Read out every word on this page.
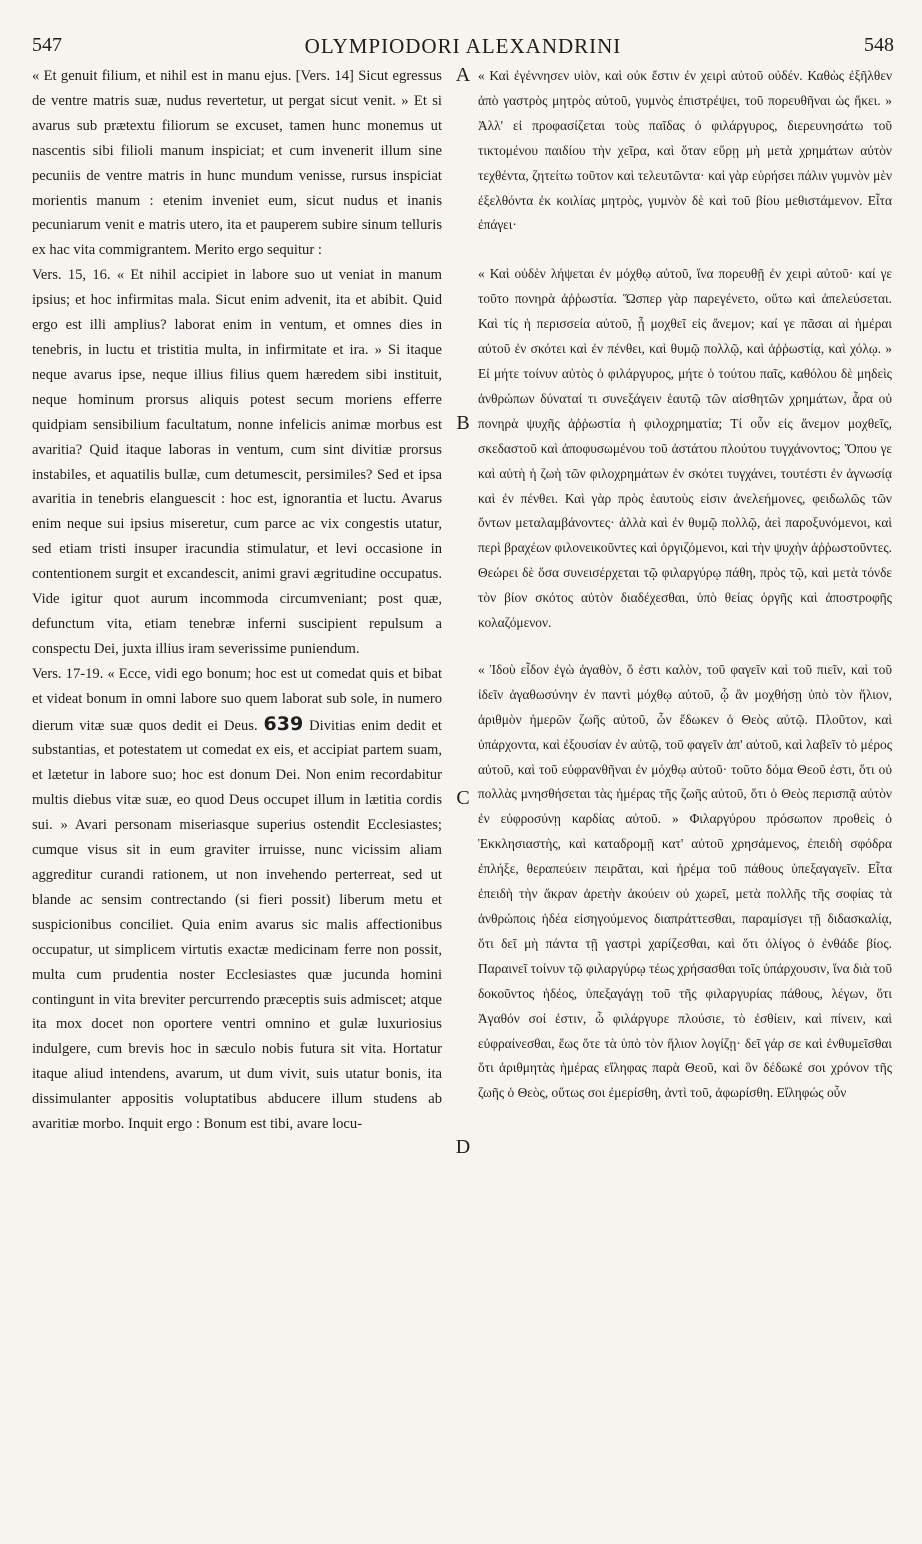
547	OLYMPIODORI ALEXANDRINI	548

« Et genuit filium, et nihil est in manu ejus. [Vers. 14] Sicut egressus de ventre matris suæ, nudus revertetur, ut pergat sicut venit. » Et si avarus sub prætextu filiorum se excuset, tamen hunc monemus ut nascentis sibi filioli manum inspiciat; et cum invenerit illum sine pecuniis de ventre matris in hunc mundum venisse, rursus inspiciat morientis manum : etenim inveniet eum, sicut nudus et inanis pecuniarum venit e matris utero, ita et pauperem subire sinum telluris ex hac vita commigrantem. Merito ergo sequitur :

Vers. 15, 16. « Et nihil accipiet in labore suo ut veniat in manum ipsius; et hoc infirmitas mala. Sicut enim advenit, ita et abibit. Quid ergo est illi amplius? laborat enim in ventum, et omnes dies in tenebris, in luctu et tristitia multa, in infirmitate et ira. » Si itaque neque avarus ipse, neque illius filius quem hæredem sibi instituit, neque hominum prorsus aliquis potest secum moriens efferre quidpiam sensibilium facultatum, nonne infelicis animæ morbus est avaritia? Quid itaque laboras in ventum, cum sint divitiæ prorsus instabiles, et aquatilis bullæ, cum detumescit, persimiles? Sed et ipsa avaritia in tenebris elanguescit : hoc est, ignorantia et luctu. Avarus enim neque sui ipsius miseretur, cum parce ac vix congestis utatur, sed etiam tristi insuper iracundia stimulatur, et levi occasione in contentionem surgit et excandescit, animi gravi ægritudine occupatus. Vide igitur quot aurum incommoda circumveniant; post quæ, defunctum vita, etiam tenebræ inferni suscipient repulsum a conspectu Dei, juxta illius iram severissime puniendum.

Vers. 17-19. « Ecce, vidi ego bonum; hoc est ut comedat quis et bibat et videat bonum in omni labore suo quem laborat sub sole, in numero dierum vitæ suæ quos dedit ei Deus. 639 Divitias enim dedit et substantias, et potestatem ut comedat ex eis, et accipiat partem suam, et lætetur in labore suo; hoc est donum Dei. Non enim recordabitur multis diebus vitæ suæ, eo quod Deus occupet illum in lætitia cordis sui. » Avari personam miseriasque superius ostendit Ecclesiastes; cumque visus sit in eum graviter irruisse, nunc vicissim aliam aggreditur curandi rationem, ut non invehendo perterreat, sed ut blande ac sensim contrectando (si fieri possit) liberum metu et suspicionibus conciliet. Quia enim avarus sic malis affectionibus occupatur, ut simplicem virtutis exactæ medicinam ferre non possit, multa cum prudentia noster Ecclesiastes quæ jucunda homini contingunt in vita breviter percurrendo præceptis suis admiscet; atque ita mox docet non oportere ventri omnino et gulæ luxuriosius indulgere, cum brevis hoc in sæculo nobis futura sit vita. Hortatur itaque aliud intendens, avarum, ut dum vivit, suis utatur bonis, ita dissimulanter appositis voluptatibus abducere illum studens ab avaritiæ morbo. Inquit ergo : Bonum est tibi, avare locu-

A
B
C
D

« Καὶ ἐγέννησεν υἱὸν, καὶ οὐκ ἔστιν ἐν χειρὶ αὐτοῦ οὐδέν. Καθὼς ἐξῆλθεν ἀπὸ γαστρὸς μητρὸς αὐτοῦ, γυμνὸς ἐπιστρέψει, τοῦ πορευθῆναι ὡς ἥκει. » Ἀλλ' εἰ προφασίζεται τοὺς παῖδας ὁ φιλάργυρος, διερευνησάτω τοῦ τικτομένου παιδίου τὴν χεῖρα, καὶ ὅταν εὕρῃ μὴ μετὰ χρημάτων αὐτὸν τεχθέντα, ζητείτω τοῦτον καὶ τελευτῶντα· καὶ γὰρ εὑρήσει πάλιν γυμνὸν μὲν ἐξελθόντα ἐκ κοιλίας μητρὸς, γυμνὸν δὲ καὶ τοῦ βίου μεθιστάμενον. Εἶτα ἐπάγει·

« Καὶ οὐδὲν λήψεται ἐν μόχθῳ αὐτοῦ, ἵνα πορευθῇ ἐν χειρὶ αὐτοῦ· καί γε τοῦτο πονηρὰ ἀῤῥωστία. Ὥσπερ γὰρ παρεγένετο, οὕτω καὶ ἀπελεύσεται. Καὶ τίς ἡ περισσεία αὐτοῦ, ᾗ μοχθεῖ εἰς ἄνεμον; καί γε πᾶσαι αἱ ἡμέραι αὐτοῦ ἐν σκότει καὶ ἐν πένθει, καὶ θυμῷ πολλῷ, καὶ ἀῤῥωστίᾳ, καὶ χόλῳ. » Εἰ μήτε τοίνυν αὐτὸς ὁ φιλάργυρος, μήτε ὁ τούτου παῖς, καθόλου δὲ μηδεὶς ἀνθρώπων δύναταί τι συνεξάγειν ἑαυτῷ τῶν αἰσθητῶν χρημάτων, ἆρα οὐ πονηρὰ ψυχῆς ἀῤῥωστία ἡ φιλοχρηματία; Τί οὖν εἰς ἄνεμον μοχθεῖς, σκεδαστοῦ καὶ ἀποφυσωμένου τοῦ ἀστάτου πλούτου τυγχάνοντος; Ὅπου γε καὶ αὐτὴ ἡ ζωὴ τῶν φιλοχρημάτων ἐν σκότει τυγχάνει, τουτέστι ἐν ἀγνωσίᾳ καὶ ἐν πένθει. Καὶ γὰρ πρὸς ἑαυτοὺς εἰσιν ἀνελεήμονες, φειδωλῶς τῶν ὄντων μεταλαμβάνοντες· ἀλλὰ καὶ ἐν θυμῷ πολλῷ, ἀεὶ παροξυνόμενοι, καὶ περὶ βραχέων φιλονεικοῦντες καὶ ὀργιζόμενοι, καὶ τὴν ψυχὴν ἀῤῥωστοῦντες. Θεώρει δὲ ὅσα συνεισέρχεται τῷ φιλαργύρῳ πάθη, πρὸς τῷ, καὶ μετὰ τόνδε τὸν βίον σκότος αὐτὸν διαδέχεσθαι, ὑπὸ θείας ὀργῆς καὶ ἀποστροφῆς κολαζόμενον.

« Ἰδοὺ εἶδον ἐγὼ ἀγαθὸν, ὅ ἐστι καλὸν, τοῦ φαγεῖν καὶ τοῦ πιεῖν, καὶ τοῦ ἰδεῖν ἀγαθωσύνην ἐν παντὶ μόχθῳ αὐτοῦ, ᾧ ἂν μοχθήσῃ ὑπὸ τὸν ἥλιον, ἀριθμὸν ἡμερῶν ζωῆς αὐτοῦ, ὧν ἔδωκεν ὁ Θεὸς αὐτῷ. Πλοῦτον, καὶ ὑπάρχοντα, καὶ ἐξουσίαν ἐν αὐτῷ, τοῦ φαγεῖν ἀπ' αὐτοῦ, καὶ λαβεῖν τὸ μέρος αὐτοῦ, καὶ τοῦ εὐφρανθῆναι ἐν μόχθῳ αὐτοῦ· τοῦτο δόμα Θεοῦ ἐστι, ὅτι οὐ πολλὰς μνησθήσεται τὰς ἡμέρας τῆς ζωῆς αὐτοῦ, ὅτι ὁ Θεὸς περισπᾷ αὐτὸν ἐν εὐφροσύνῃ καρδίας αὐτοῦ. » Φιλαργύρου πρόσωπον προθεὶς ὁ Ἐκκλησιαστὴς, καὶ καταδρομῇ κατ' αὐτοῦ χρησάμενος, ἐπειδὴ σφόδρα ἐπλήξε, θεραπεύειν πειρᾶται, καὶ ἠρέμα τοῦ πάθους ὑπεξαγαγεῖν. Εἶτα ἐπειδὴ τὴν ἄκραν ἀρετὴν ἀκούειν οὐ χωρεῖ, μετὰ πολλῆς τῆς σοφίας τὰ ἀνθρώποις ἡδέα εἰσηγούμενος διαπράττεσθαι, παραμίσγει τῇ διδασκαλίᾳ, ὅτι δεῖ μὴ πάντα τῇ γαστρὶ χαρίζεσθαι, καὶ ὅτι ὀλίγος ὁ ἐνθάδε βίος. Παραινεῖ τοίνυν τῷ φιλαργύρῳ τέως χρήσασθαι τοῖς ὑπάρχουσιν, ἵνα διὰ τοῦ δοκοῦντος ἡδέος, ὑπεξαγάγῃ τοῦ τῆς φιλαργυρίας πάθους, λέγων, ὅτι Ἀγαθόν σοί ἐστιν, ὦ φιλάργυρε πλούσιε, τὸ ἐσθίειν, καὶ πίνειν, καὶ εὐφραίνεσθαι, ἕως ὅτε τὰ ὑπὸ τὸν ἥλιον λογίζῃ· δεῖ γάρ σε καὶ ἐνθυμεῖσθαι ὅτι ἀριθμητὰς ἡμέρας εἴληφας παρὰ Θεοῦ, καὶ ὃν δέδωκέ σοι χρόνον τῆς ζωῆς ὁ Θεὸς, οὕτως σοι ἐμερίσθη, ἀντὶ τοῦ, ἀφωρίσθη. Εἴληφώς οὖν
